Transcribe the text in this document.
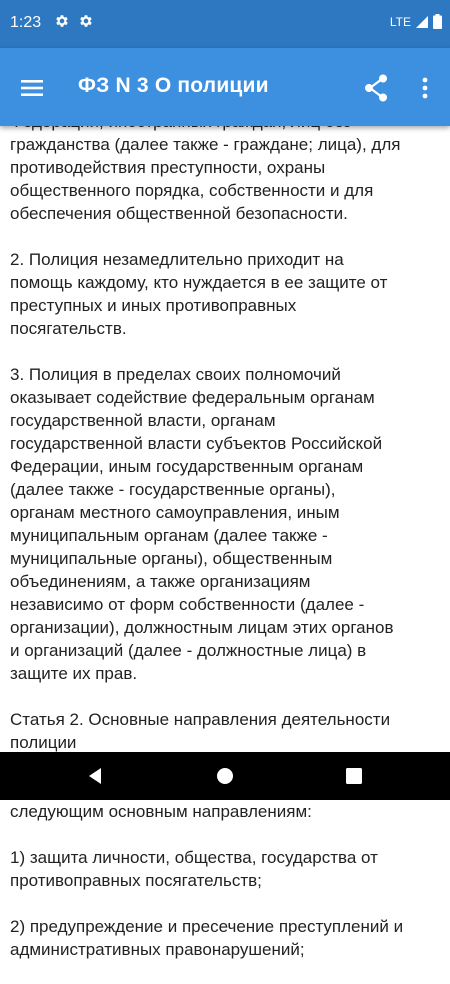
1:23	LTE
ФЗ N 3 О полиции

гражданства (далее также - граждане; лица), для
противодействия преступности, охраны
общественного порядка, собственности и для
обеспечения общественной безопасности.

2. Полиция незамедлительно приходит на
помощь каждому, кто нуждается в ее защите от
преступных и иных противоправных
посягательств.

3. Полиция в пределах своих полномочий
оказывает содействие федеральным органам
государственной власти, органам
государственной власти субъектов Российской
Федерации, иным государственным органам
(далее также - государственные органы),
органам местного самоуправления, иным
муниципальным органам (далее также -
муниципальные органы), общественным
объединениям, а также организациям
независимо от форм собственности (далее -
организации), должностным лицам этих органов
и организаций (далее - должностные лица) в
защите их прав.

Статья 2. Основные направления деятельности
полиции

следующим основным направлениям:

1) защита личности, общества, государства от
противоправных посягательств;

2) предупреждение и пресечение преступлений и
административных правонарушений;
